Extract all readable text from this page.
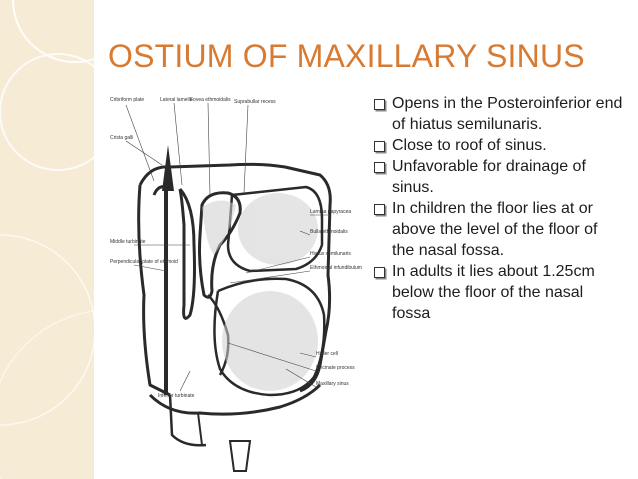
OSTIUM OF MAXILLARY SINUS
Opens in the Posteroinferior end of hiatus semilunaris.
Close to roof of sinus.
Unfavorable for drainage of sinus.
In children the floor lies at or above the level of the floor of the nasal fossa.
In adults it lies about 1.25cm below the floor of the nasal fossa
Cribriform plate	Lateral lamella
Fovea ethmoidalis Suprabullar recess
Crista galli
Lamina papyracea
Bulla ethmoidalis
Hiatus semilunaris
Ethmoidal infundibulum
Middle turbinate
Perpendicular plate of ethmoid
Haller cell
Uncinate process
Maxillary sinus
Inferior turbinate
